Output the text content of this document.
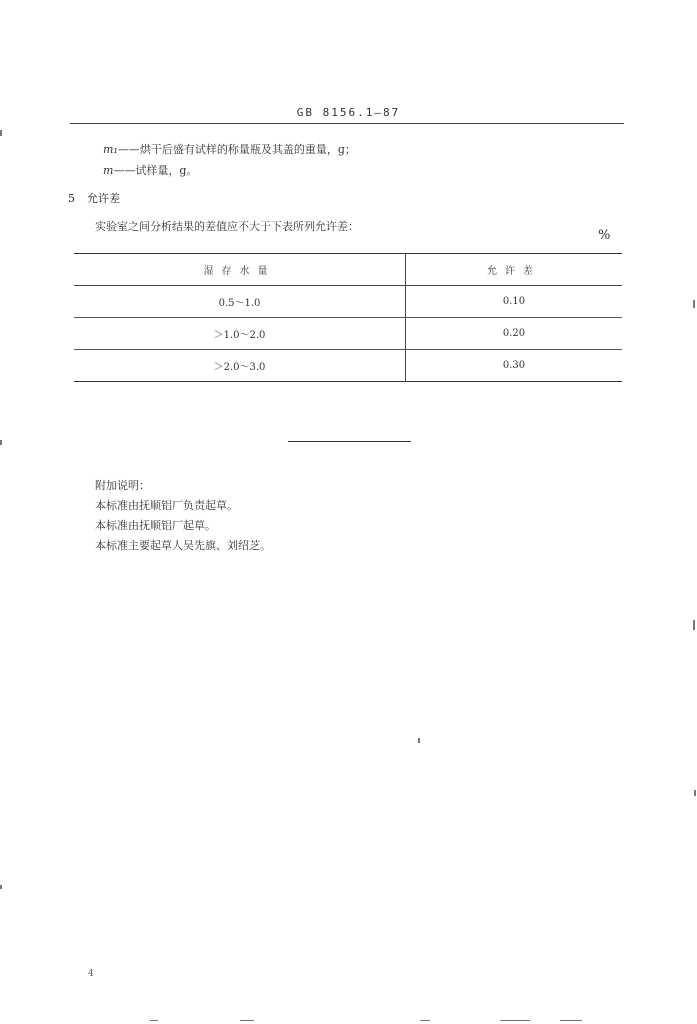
GB 8156.1—87
m₁——烘干后盛有试样的称量瓶及其盖的重量，g；
m——试样量，g。
5 允许差
实验室之间分析结果的差值应不大于下表所列允许差：
%
湿存水量	允许差
0.5～1.0	0.10
＞1.0～2.0	0.20
＞2.0～3.0	0.30
附加说明：
本标准由抚顺铝厂负责起草。
本标准由抚顺铝厂起草。
本标准主要起草人吴先旗、刘绍芝。
4
